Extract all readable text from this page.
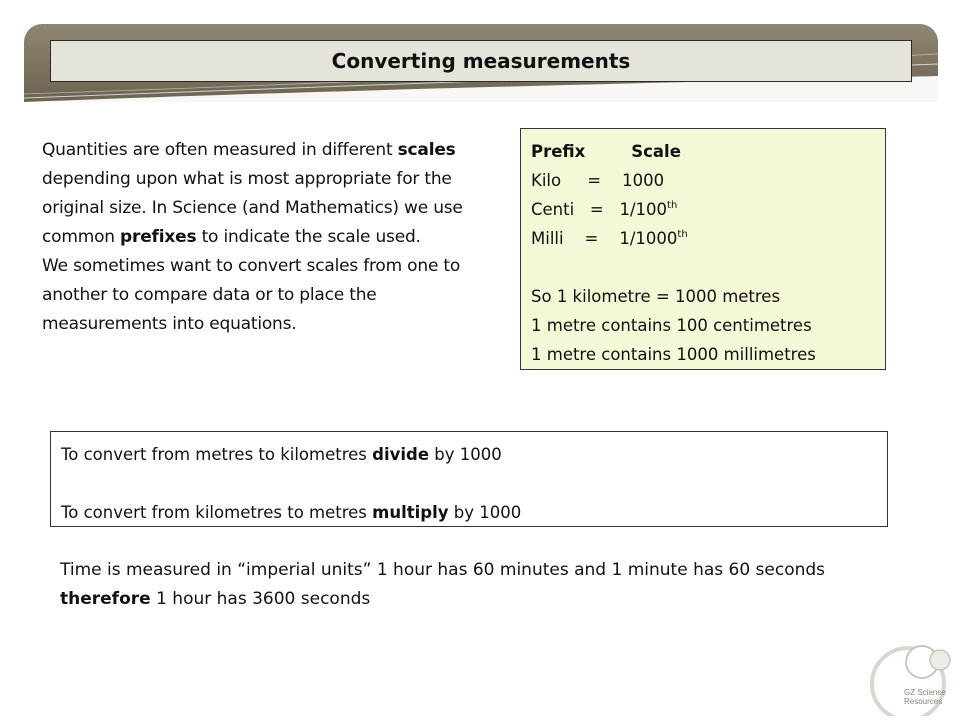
Converting measurements

Quantities are often measured in different scales depending upon what is most appropriate for the original size. In Science (and Mathematics) we use common prefixes to indicate the scale used.

We sometimes want to convert scales from one to another to compare data or to place the measurements into equations.

Prefix        Scale
Kilo     =    1000
Centi   =   1/100th
Milli    =    1/1000th
So 1 kilometre = 1000 metres
1 metre contains 100 centimetres
1 metre contains 1000 millimetres
To convert from metres to kilometres divide by 1000
To convert from kilometres to metres multiply by 1000
Time is measured in “imperial units” 1 hour has 60 minutes and 1 minute has 60 seconds therefore 1 hour has 3600 seconds
GZ Science
Resources
